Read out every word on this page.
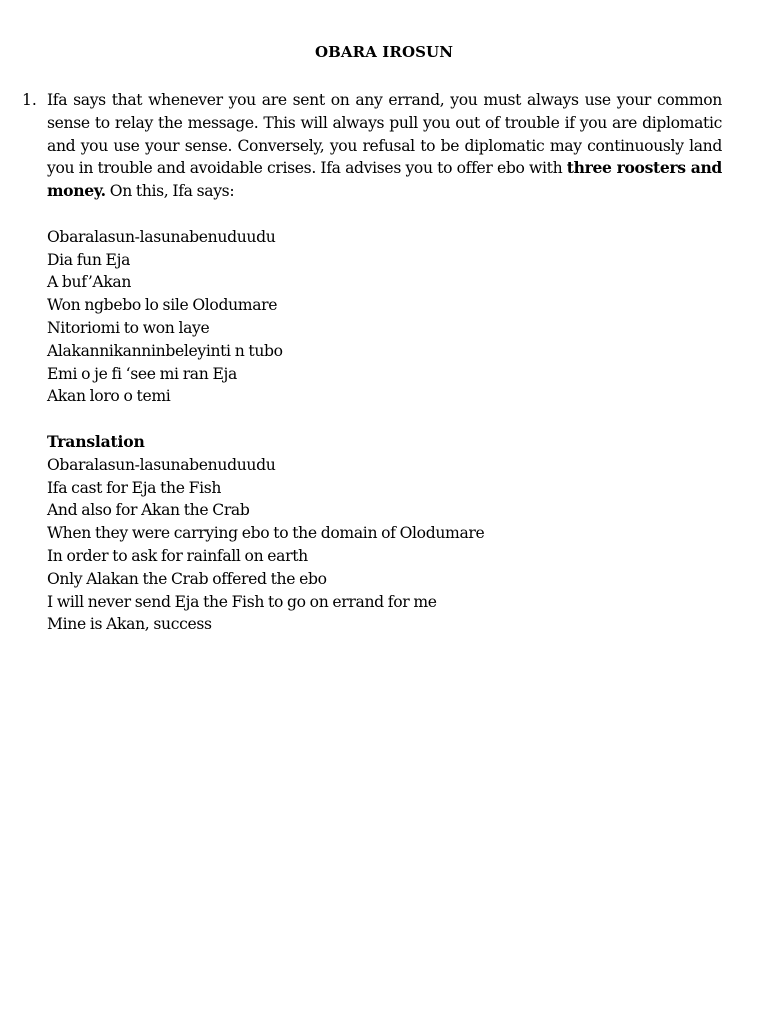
OBARA IROSUN
1. Ifa says that whenever you are sent on any errand, you must always use your common sense to relay the message. This will always pull you out of trouble if you are diplomatic and you use your sense. Conversely, you refusal to be diplomatic may continuously land you in trouble and avoidable crises. Ifa advises you to offer ebo with three roosters and money. On this, Ifa says:

Obaralasun-lasunabenuduudu
Dia fun Eja
A buf’Akan
Won ngbebo lo sile Olodumare
Nitoriomi to won laye
Alakannikanninbeleyinti n tubo
Emi o je fi ‘see mi ran Eja
Akan loro o temi
Translation
Obaralasun-lasunabenuduudu
Ifa cast for Eja the Fish
And also for Akan the Crab
When they were carrying ebo to the domain of Olodumare
In order to ask for rainfall on earth
Only Alakan the Crab offered the ebo
I will never send Eja the Fish to go on errand for me
Mine is Akan, success
